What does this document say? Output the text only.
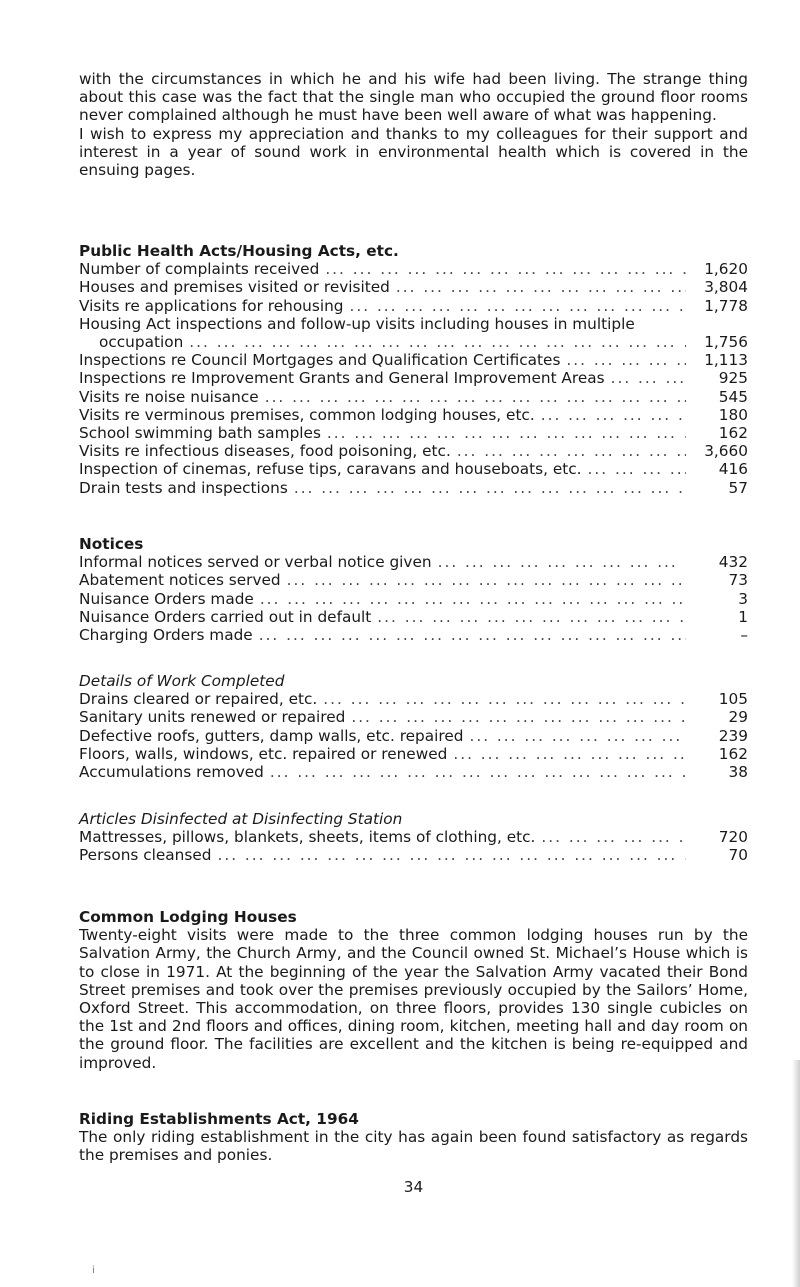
with the circumstances in which he and his wife had been living. The strange thing about this case was the fact that the single man who occupied the ground floor rooms never complained although he must have been well aware of what was happening.

I wish to express my appreciation and thanks to my colleagues for their support and interest in a year of sound work in environmental health which is covered in the ensuing pages.

Public Health Acts/Housing Acts, etc.
Number of complaints received ... .	1,620
Houses and premises visited or revisited ... .	3,804
Visits re applications for rehousing ... .	1,778
Housing Act inspections and follow-up visits including houses in multiple
occupation ... .	1,756
Inspections re Council Mortgages and Qualification Certificates ... .	1,113
Inspections re Improvement Grants and General Improvement Areas ... .	925
Visits re noise nuisance ... .	545
Visits re verminous premises, common lodging houses, etc. ... .	180
School swimming bath samples ... .	162
Visits re infectious diseases, food poisoning, etc. ... .	3,660
Inspection of cinemas, refuse tips, caravans and houseboats, etc. ... .	416
Drain tests and inspections ... .	57
Notices
Informal notices served or verbal notice given ... .	432
Abatement notices served ... .	73
Nuisance Orders made ... .	3
Nuisance Orders carried out in default ... .	1
Charging Orders made ... .	–
Details of Work Completed
Drains cleared or repaired, etc. ... .	105
Sanitary units renewed or repaired ... .	29
Defective roofs, gutters, damp walls, etc. repaired ... .	239
Floors, walls, windows, etc. repaired or renewed ... .	162
Accumulations removed ... .	38
Articles Disinfected at Disinfecting Station
Mattresses, pillows, blankets, sheets, items of clothing, etc. ... .	720
Persons cleansed ... .	70
Common Lodging Houses

Twenty-eight visits were made to the three common lodging houses run by the Salvation Army, the Church Army, and the Council owned St. Michael’s House which is to close in 1971. At the beginning of the year the Salvation Army vacated their Bond Street premises and took over the premises previously occupied by the Sailors’ Home, Oxford Street. This accommodation, on three floors, provides 130 single cubicles on the 1st and 2nd floors and offices, dining room, kitchen, meeting hall and day room on the ground floor. The facilities are excellent and the kitchen is being re-equipped and improved.

Riding Establishments Act, 1964

The only riding establishment in the city has again been found satisfactory as regards the premises and ponies.

34
i
